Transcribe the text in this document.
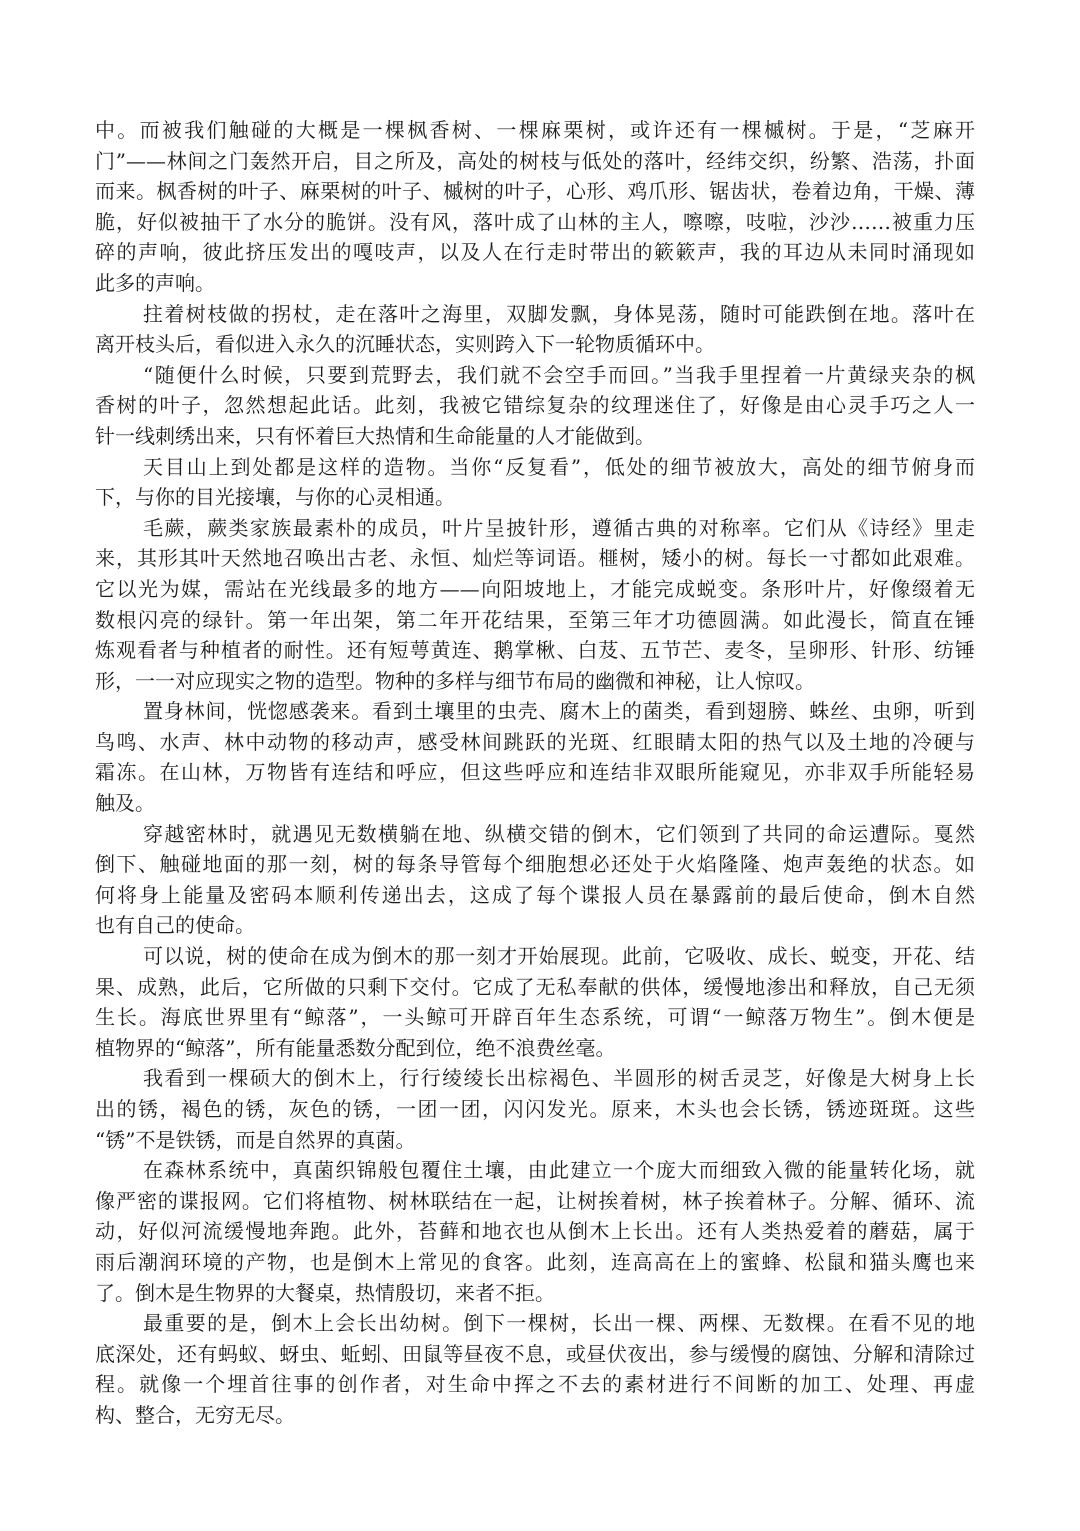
中。而被我们触碰的大概是一棵枫香树、一棵麻栗树，或许还有一棵槭树。于是，“芝麻开
门”——林间之门轰然开启，目之所及，高处的树枝与低处的落叶，经纬交织，纷繁、浩荡，扑面
而来。枫香树的叶子、麻栗树的叶子、槭树的叶子，心形、鸡爪形、锯齿状，卷着边角，干燥、薄
脆，好似被抽干了水分的脆饼。没有风，落叶成了山林的主人，嚓嚓，吱啦，沙沙……被重力压
碎的声响，彼此挤压发出的嘎吱声，以及人在行走时带出的簌簌声，我的耳边从未同时涌现如
此多的声响。
拄着树枝做的拐杖，走在落叶之海里，双脚发飘，身体晃荡，随时可能跌倒在地。落叶在
离开枝头后，看似进入永久的沉睡状态，实则跨入下一轮物质循环中。
“随便什么时候，只要到荒野去，我们就不会空手而回。”当我手里捏着一片黄绿夹杂的枫
香树的叶子，忽然想起此话。此刻，我被它错综复杂的纹理迷住了，好像是由心灵手巧之人一
针一线刺绣出来，只有怀着巨大热情和生命能量的人才能做到。
天目山上到处都是这样的造物。当你“反复看”，低处的细节被放大，高处的细节俯身而
下，与你的目光接壤，与你的心灵相通。
毛蕨，蕨类家族最素朴的成员，叶片呈披针形，遵循古典的对称率。它们从《诗经》里走
来，其形其叶天然地召唤出古老、永恒、灿烂等词语。榧树，矮小的树。每长一寸都如此艰难。
它以光为媒，需站在光线最多的地方——向阳坡地上，才能完成蜕变。条形叶片，好像缀着无
数根闪亮的绿针。第一年出架，第二年开花结果，至第三年才功德圆满。如此漫长，简直在锤
炼观看者与种植者的耐性。还有短萼黄连、鹅掌楸、白芨、五节芒、麦冬，呈卵形、针形、纺锤
形，一一对应现实之物的造型。物种的多样与细节布局的幽微和神秘，让人惊叹。
置身林间，恍惚感袭来。看到土壤里的虫壳、腐木上的菌类，看到翅膀、蛛丝、虫卵，听到
鸟鸣、水声、林中动物的移动声，感受林间跳跃的光斑、红眼睛太阳的热气以及土地的冷硬与
霜冻。在山林，万物皆有连结和呼应，但这些呼应和连结非双眼所能窥见，亦非双手所能轻易
触及。
穿越密林时，就遇见无数横躺在地、纵横交错的倒木，它们领到了共同的命运遭际。戛然
倒下、触碰地面的那一刻，树的每条导管每个细胞想必还处于火焰隆隆、炮声轰绝的状态。如
何将身上能量及密码本顺利传递出去，这成了每个谍报人员在暴露前的最后使命，倒木自然
也有自己的使命。
可以说，树的使命在成为倒木的那一刻才开始展现。此前，它吸收、成长、蜕变，开花、结
果、成熟，此后，它所做的只剩下交付。它成了无私奉献的供体，缓慢地渗出和释放，自己无须
生长。海底世界里有“鲸落”，一头鲸可开辟百年生态系统，可谓“一鲸落万物生”。倒木便是
植物界的“鲸落”，所有能量悉数分配到位，绝不浪费丝毫。
我看到一棵硕大的倒木上，行行绫绫长出棕褐色、半圆形的树舌灵芝，好像是大树身上长
出的锈，褐色的锈，灰色的锈，一团一团，闪闪发光。原来，木头也会长锈，锈迹斑斑。这些
“锈”不是铁锈，而是自然界的真菌。
在森林系统中，真菌织锦般包覆住土壤，由此建立一个庞大而细致入微的能量转化场，就
像严密的谍报网。它们将植物、树林联结在一起，让树挨着树，林子挨着林子。分解、循环、流
动，好似河流缓慢地奔跑。此外，苔藓和地衣也从倒木上长出。还有人类热爱着的蘑菇，属于
雨后潮润环境的产物，也是倒木上常见的食客。此刻，连高高在上的蜜蜂、松鼠和猫头鹰也来
了。倒木是生物界的大餐桌，热情殷切，来者不拒。
最重要的是，倒木上会长出幼树。倒下一棵树，长出一棵、两棵、无数棵。在看不见的地
底深处，还有蚂蚁、蚜虫、蚯蚓、田鼠等昼夜不息，或昼伏夜出，参与缓慢的腐蚀、分解和清除过
程。就像一个埋首往事的创作者，对生命中挥之不去的素材进行不间断的加工、处理、再虚
构、整合，无穷无尽。
